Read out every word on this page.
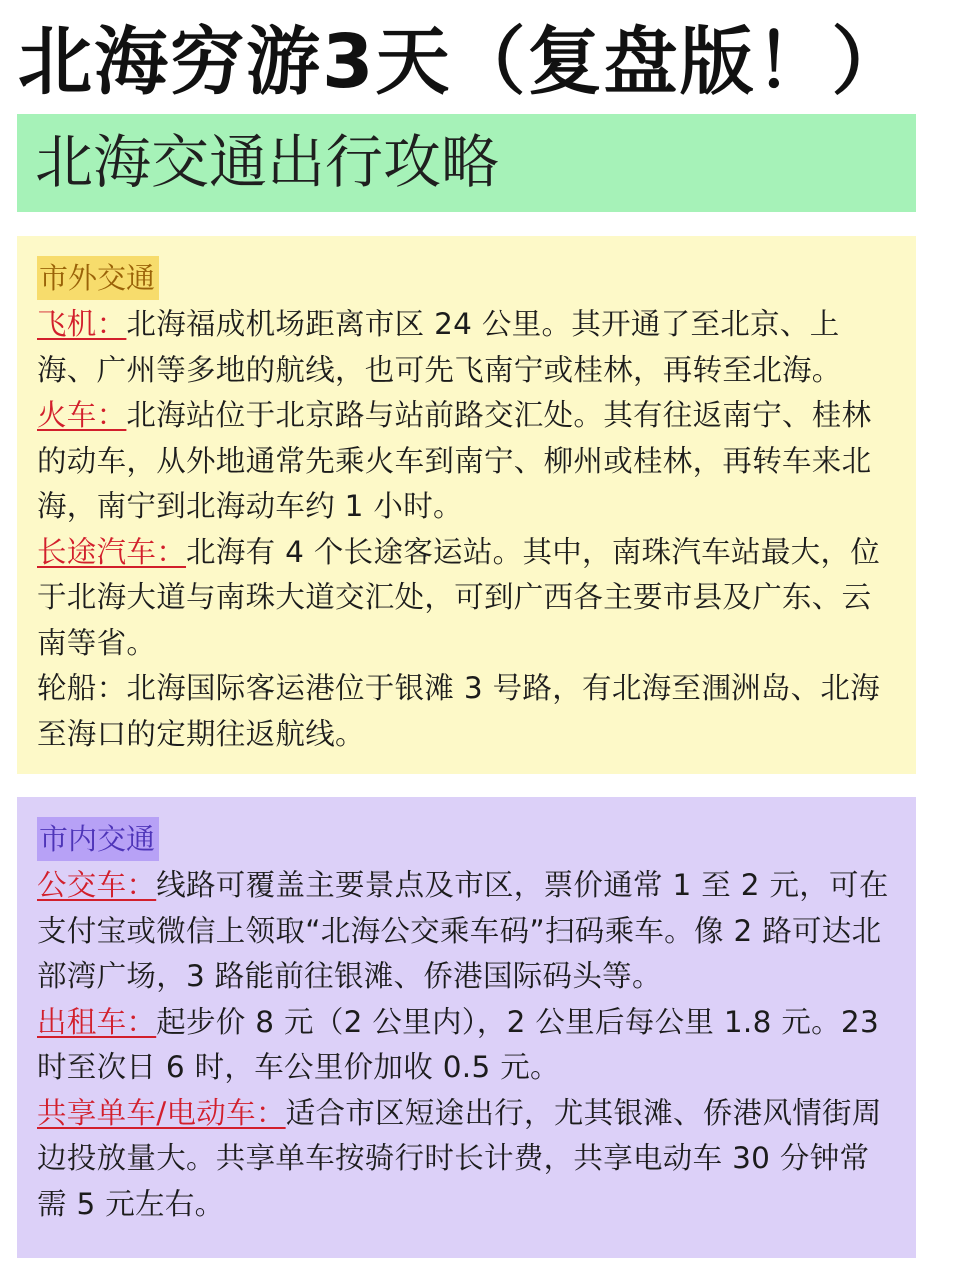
北海穷游3天（复盘版！）
北海交通出行攻略
市外交通

飞机：北海福成机场距离市区 24 公里。其开通了至北京、上海、广州等多地的航线，也可先飞南宁或桂林，再转至北海。

火车：北海站位于北京路与站前路交汇处。其有往返南宁、桂林的动车，从外地通常先乘火车到南宁、柳州或桂林，再转车来北海，南宁到北海动车约 1 小时。

长途汽车：北海有 4 个长途客运站。其中，南珠汽车站最大，位于北海大道与南珠大道交汇处，可到广西各主要市县及广东、云南等省。

轮船：北海国际客运港位于银滩 3 号路，有北海至涠洲岛、北海至海口的定期往返航线。

市内交通

公交车：线路可覆盖主要景点及市区，票价通常 1 至 2 元，可在支付宝或微信上领取“北海公交乘车码”扫码乘车。像 2 路可达北部湾广场，3 路能前往银滩、侨港国际码头等。

出租车：起步价 8 元（2 公里内），2 公里后每公里 1.8 元。23 时至次日 6 时，车公里价加收 0.5 元。

共享单车/电动车：适合市区短途出行，尤其银滩、侨港风情街周边投放量大。共享单车按骑行时长计费，共享电动车 30 分钟常需 5 元左右。
